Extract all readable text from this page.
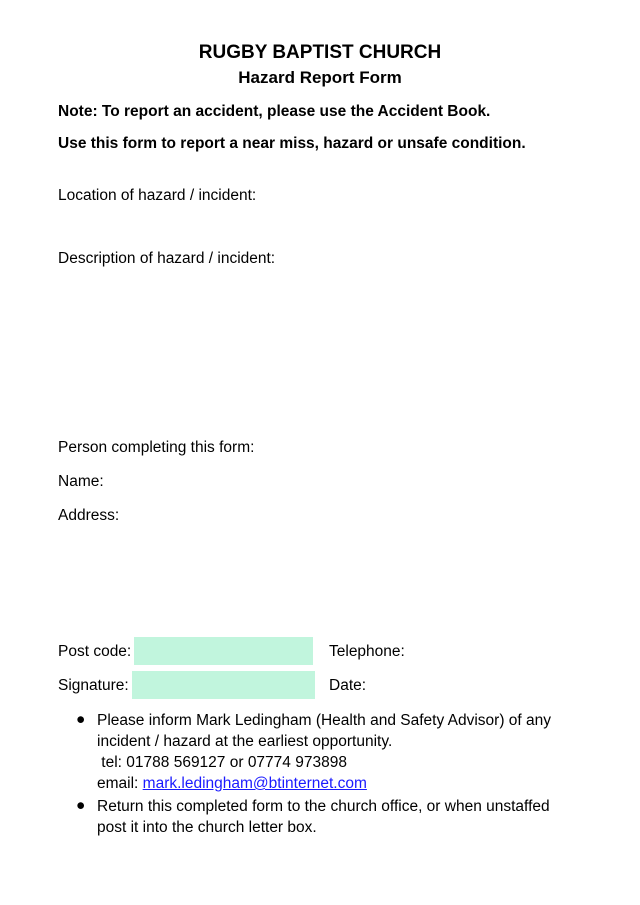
RUGBY BAPTIST CHURCH
Hazard Report Form
Note: To report an accident, please use the Accident Book.
Use this form to report a near miss, hazard or unsafe condition.
Location of hazard / incident:
Description of hazard / incident:
Person completing this form:
Name:
Address:
Post code:	Telephone:
Signature:	Date:
● Please inform Mark Ledingham (Health and Safety Advisor) of any
incident / hazard at the earliest opportunity.
tel: 01788 569127 or 07774 973898
email: mark.ledingham@btinternet.com
● Return this completed form to the church office, or when unstaffed
post it into the church letter box.
